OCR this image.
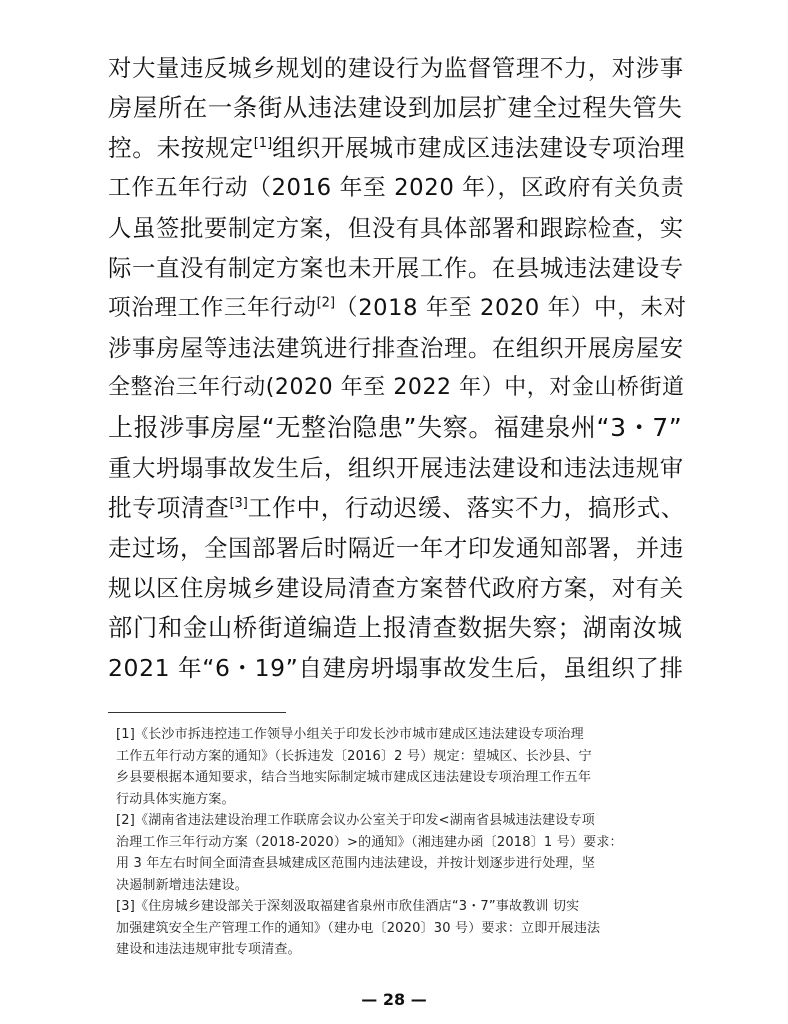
对大量违反城乡规划的建设行为监督管理不力，对涉事
房屋所在一条街从违法建设到加层扩建全过程失管失
控。未按规定[1]组织开展城市建成区违法建设专项治理
工作五年行动（2016 年至 2020 年），区政府有关负责
人虽签批要制定方案，但没有具体部署和跟踪检查，实
际一直没有制定方案也未开展工作。在县城违法建设专
项治理工作三年行动[2]（2018 年至 2020 年）中，未对
涉事房屋等违法建筑进行排查治理。在组织开展房屋安
全整治三年行动(2020 年至 2022 年）中，对金山桥街道
上报涉事房屋“无整治隐患”失察。福建泉州“3・7”
重大坍塌事故发生后，组织开展违法建设和违法违规审
批专项清查[3]工作中，行动迟缓、落实不力，搞形式、
走过场，全国部署后时隔近一年才印发通知部署，并违
规以区住房城乡建设局清查方案替代政府方案，对有关
部门和金山桥街道编造上报清查数据失察；湖南汝城
2021 年“6・19”自建房坍塌事故发生后，虽组织了排
[1]《长沙市拆违控违工作领导小组关于印发长沙市城市建成区违法建设专项治理
工作五年行动方案的通知》（长拆违发〔2016〕2 号）规定：望城区、长沙县、宁
乡县要根据本通知要求，结合当地实际制定城市建成区违法建设专项治理工作五年
行动具体实施方案。
[2]《湖南省违法建设治理工作联席会议办公室关于印发<湖南省县城违法建设专项
治理工作三年行动方案（2018-2020）>的通知》（湘违建办函〔2018〕1 号）要求：
用 3 年左右时间全面清查县城建成区范围内违法建设，并按计划逐步进行处理，坚
决遏制新增违法建设。
[3]《住房城乡建设部关于深刻汲取福建省泉州市欣佳酒店“3・7”事故教训 切实
加强建筑安全生产管理工作的通知》（建办电〔2020〕30 号）要求：立即开展违法
建设和违法违规审批专项清查。
— 28 —
